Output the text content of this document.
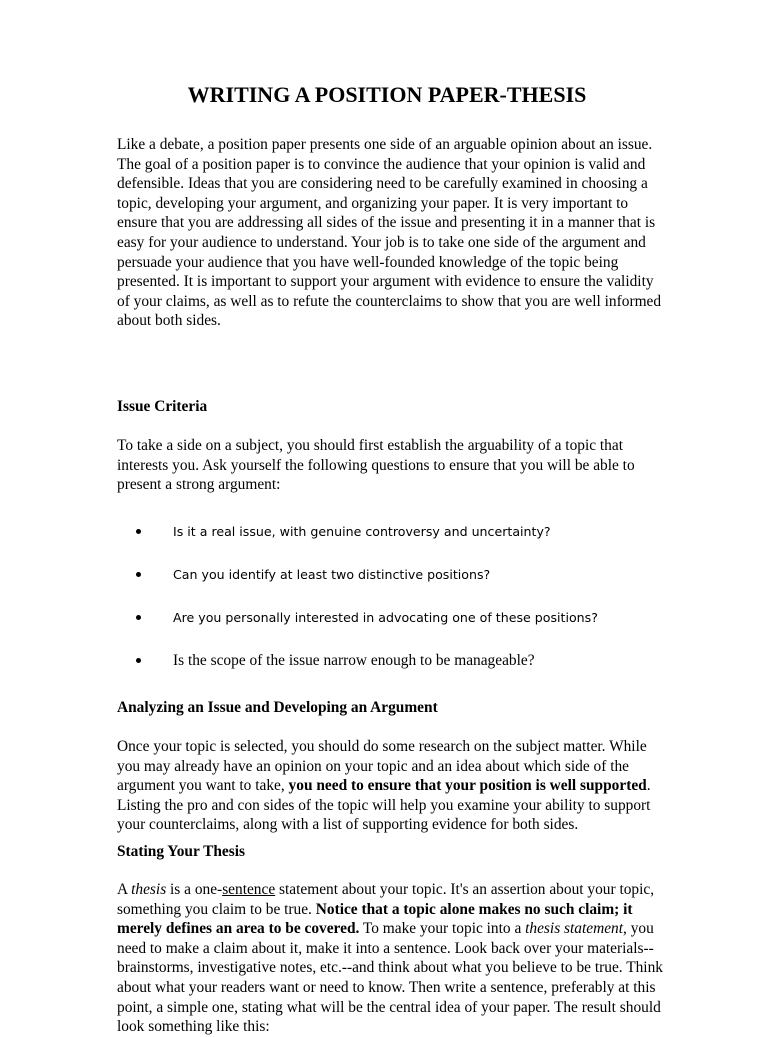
WRITING A POSITION PAPER-THESIS

Like a debate, a position paper presents one side of an arguable opinion about an issue. The goal of a position paper is to convince the audience that your opinion is valid and defensible. Ideas that you are considering need to be carefully examined in choosing a topic, developing your argument, and organizing your paper. It is very important to ensure that you are addressing all sides of the issue and presenting it in a manner that is easy for your audience to understand. Your job is to take one side of the argument and persuade your audience that you have well-founded knowledge of the topic being presented. It is important to support your argument with evidence to ensure the validity of your claims, as well as to refute the counterclaims to show that you are well informed about both sides.

Issue Criteria

To take a side on a subject, you should first establish the arguability of a topic that interests you. Ask yourself the following questions to ensure that you will be able to present a strong argument:

Is it a real issue, with genuine controversy and uncertainty?
Can you identify at least two distinctive positions?
Are you personally interested in advocating one of these positions?
Is the scope of the issue narrow enough to be manageable?

Analyzing an Issue and Developing an Argument

Once your topic is selected, you should do some research on the subject matter. While you may already have an opinion on your topic and an idea about which side of the argument you want to take, you need to ensure that your position is well supported. Listing the pro and con sides of the topic will help you examine your ability to support your counterclaims, along with a list of supporting evidence for both sides.

Stating Your Thesis

A thesis is a one-sentence statement about your topic. It's an assertion about your topic, something you claim to be true. Notice that a topic alone makes no such claim; it merely defines an area to be covered. To make your topic into a thesis statement, you need to make a claim about it, make it into a sentence. Look back over your materials--brainstorms, investigative notes, etc.--and think about what you believe to be true. Think about what your readers want or need to know. Then write a sentence, preferably at this point, a simple one, stating what will be the central idea of your paper. The result should look something like this:
